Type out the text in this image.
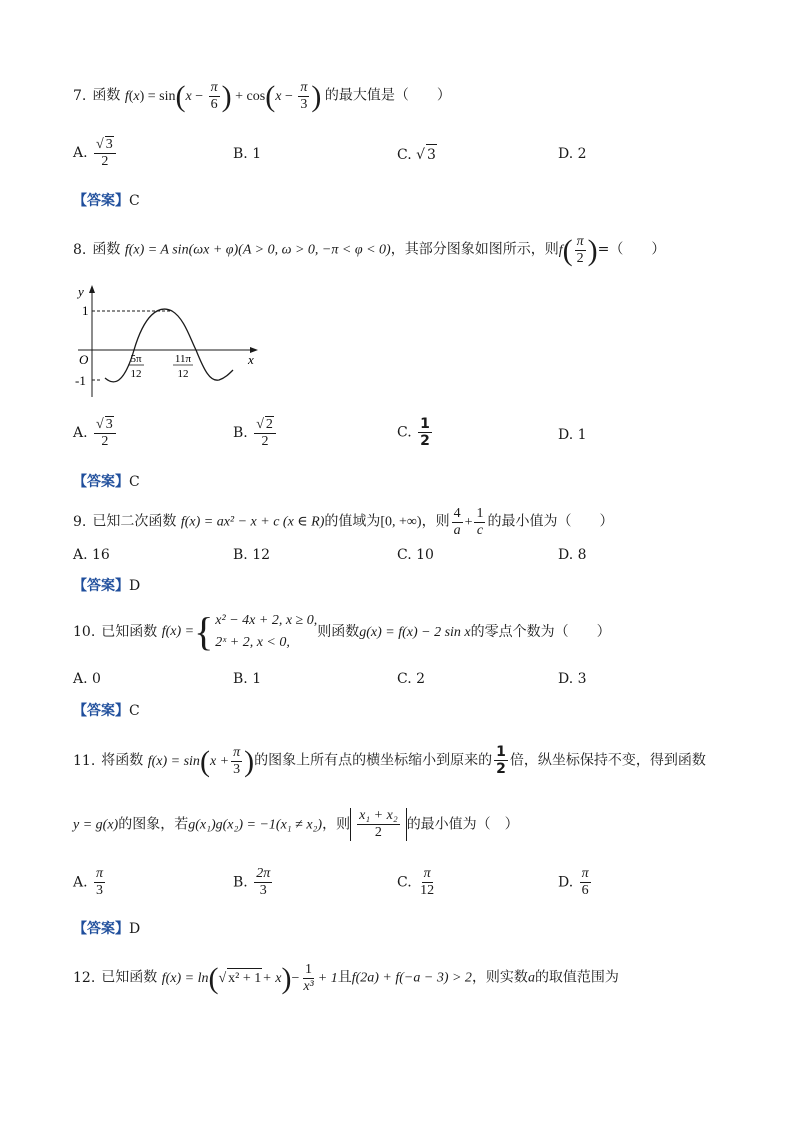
7. 函数 $f(x) = \sin(x - \frac{\pi}{6}$ ) + $\cos(x - \frac{\pi}{3}$ ) 的最大值是（　　）
A. $\frac{√ 3}{2}$	B. 1	C. √ 3	D. 2
【答案】C
8. 函数 f(x) = A sin(ωx + φ)(A > 0, ω > 0, −π < φ < 0)，其部分图象如图所示，则$f( \frac{\pi}{2}$ )=（　　）
y
x
O
1
-1
5π
12
11π
12
A. $\frac{√ 3}{2}$	B. $\frac{√ 2}{2}$	C. $\frac{1}{2}$	D. 1
【答案】C
9. 已知二次函数 f(x) = ax² − x + c (x ∈ R)的值域为[0, +∞)，则 $\frac{4}{a} + \frac{1}{c}$ 的最小值为（　　）
A. 16	B. 12	C. 10	D. 8
【答案】D
10. 已知函数 f(x) = { x² − 4x + 2, x ≥ 0,
2ˣ + 2, x < 0,
则函数g(x) = f(x) − 2 sin x的零点个数为（　　）
A. 0	B. 1	C. 2	D. 3
【答案】C
11. 将函数 $f(x) = \sin(x + \frac{\pi}{3}$ )的图象上所有点的横坐标缩小到原来的 $\frac{1}{2}$ 倍，纵坐标保持不变，得到函数
y = g(x)的图象，若g(x₁)g(x₂) = −1(x₁ ≠ x₂)，则 $\frac{\text{x₁ + x₂}}{2}$ 的最小值为（　）
A. $\frac{\pi}{3}$	B. $\frac{2\pi}{3}$	C. $\frac{\pi}{12}$	D. $\frac{\pi}{6}$
【答案】D
12. 已知函数 f(x) = ln(√ $x^2 + 1+ x)- \frac{1}{\text{x³}} + 1$且f(2a) + f(−a − 3) > 2，则实数a的取值范围为
